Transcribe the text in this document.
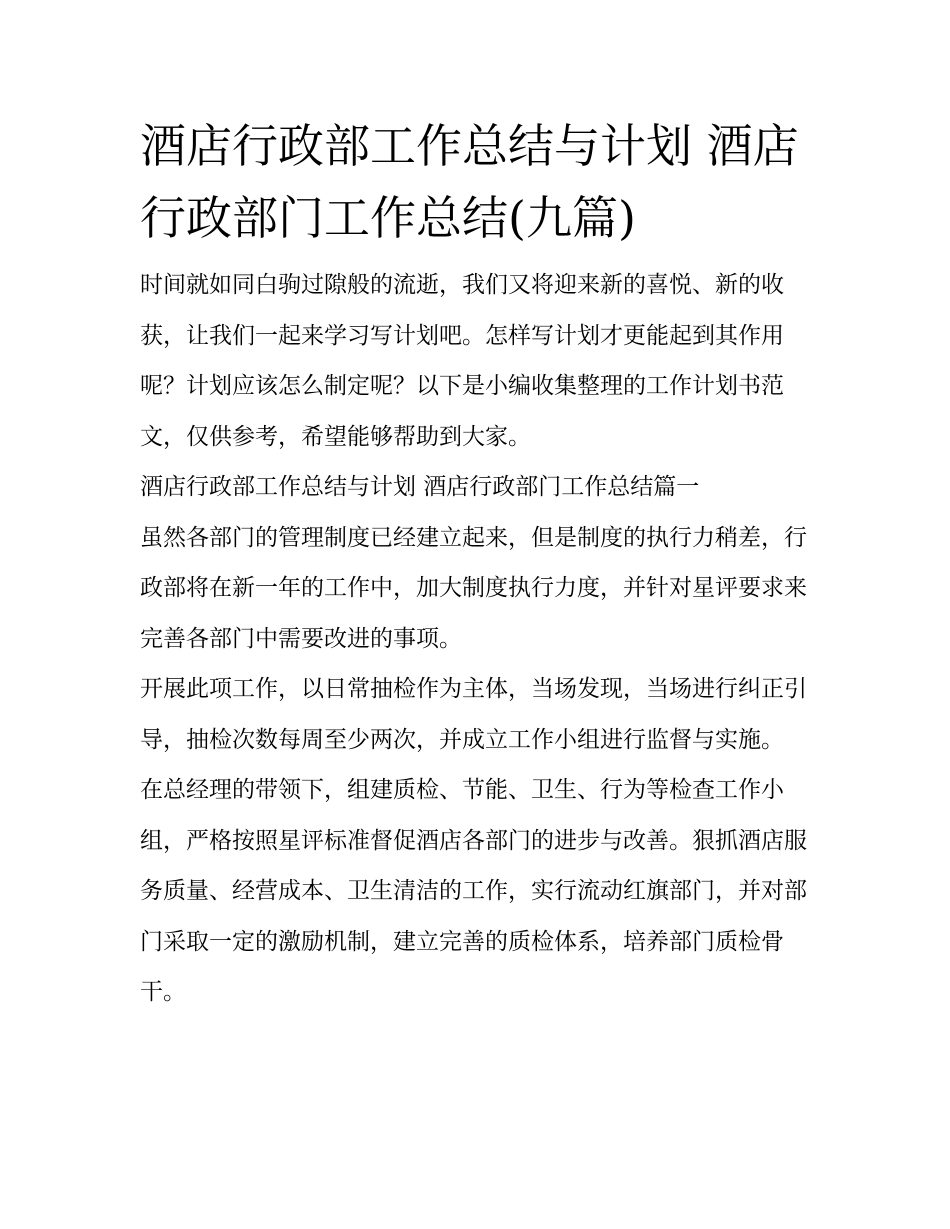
酒店行政部工作总结与计划 酒店行政部门工作总结(九篇)

时间就如同白驹过隙般的流逝，我们又将迎来新的喜悦、新的收获，让我们一起来学习写计划吧。怎样写计划才更能起到其作用呢？计划应该怎么制定呢？以下是小编收集整理的工作计划书范文，仅供参考，希望能够帮助到大家。

酒店行政部工作总结与计划 酒店行政部门工作总结篇一

虽然各部门的管理制度已经建立起来，但是制度的执行力稍差，行政部将在新一年的工作中，加大制度执行力度，并针对星评要求来完善各部门中需要改进的事项。

开展此项工作，以日常抽检作为主体，当场发现，当场进行纠正引导，抽检次数每周至少两次，并成立工作小组进行监督与实施。

在总经理的带领下，组建质检、节能、卫生、行为等检查工作小组，严格按照星评标准督促酒店各部门的进步与改善。狠抓酒店服务质量、经营成本、卫生清洁的工作，实行流动红旗部门，并对部门采取一定的激励机制，建立完善的质检体系，培养部门质检骨干。
